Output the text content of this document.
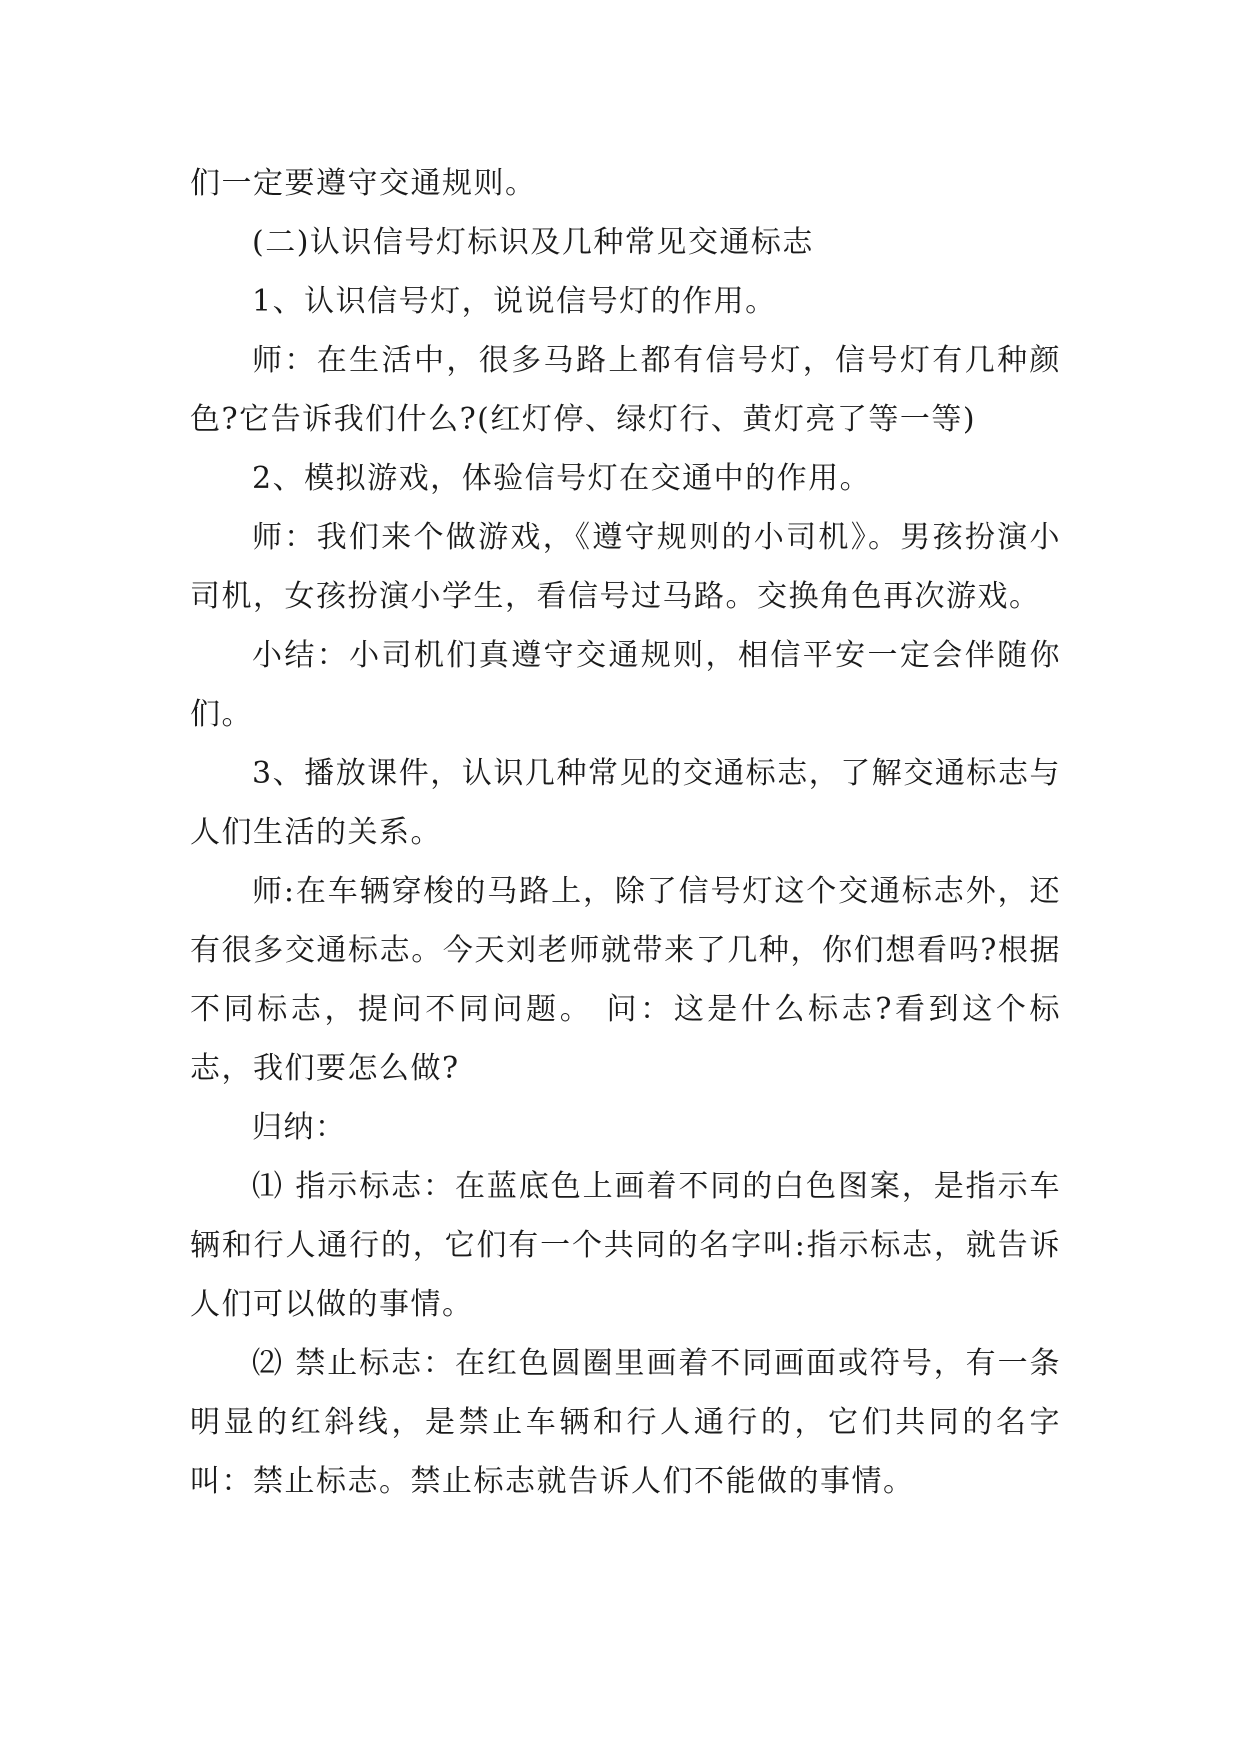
们一定要遵守交通规则。

(二)认识信号灯标识及几种常见交通标志

1、认识信号灯，说说信号灯的作用。

师：在生活中，很多马路上都有信号灯，信号灯有几种颜色?它告诉我们什么?(红灯停、绿灯行、黄灯亮了等一等)

2、模拟游戏，体验信号灯在交通中的作用。

师：我们来个做游戏，《遵守规则的小司机》。男孩扮演小司机，女孩扮演小学生，看信号过马路。交换角色再次游戏。

小结：小司机们真遵守交通规则，相信平安一定会伴随你们。

3、播放课件，认识几种常见的交通标志，了解交通标志与人们生活的关系。

师:在车辆穿梭的马路上，除了信号灯这个交通标志外，还有很多交通标志。今天刘老师就带来了几种，你们想看吗?根据不同标志，提问不同问题。 问：这是什么标志?看到这个标志，我们要怎么做?

归纳：

⑴ 指示标志：在蓝底色上画着不同的白色图案，是指示车辆和行人通行的，它们有一个共同的名字叫:指示标志，就告诉人们可以做的事情。

⑵ 禁止标志：在红色圆圈里画着不同画面或符号，有一条明显的红斜线，是禁止车辆和行人通行的，它们共同的名字叫：禁止标志。禁止标志就告诉人们不能做的事情。
